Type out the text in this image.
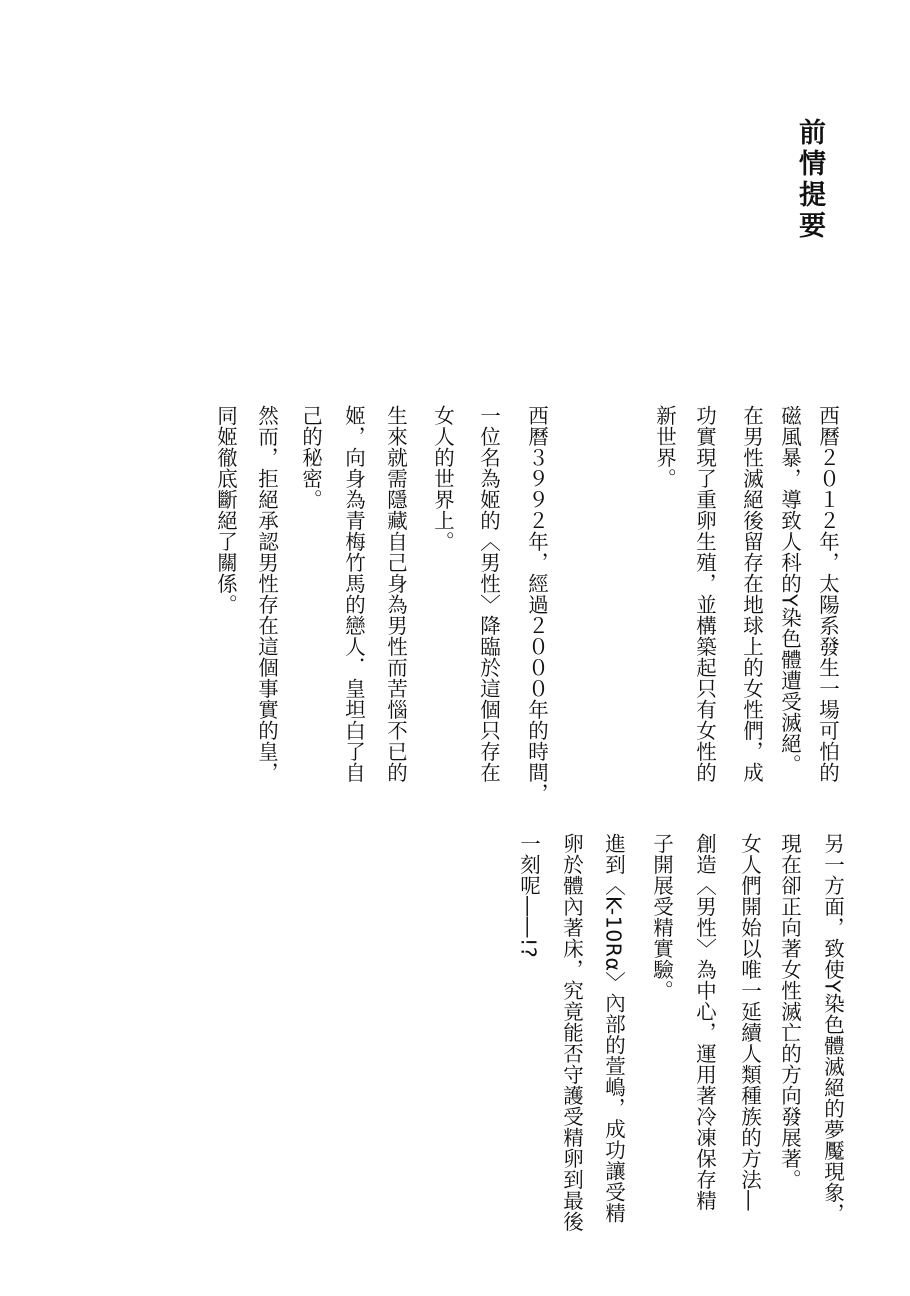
前情提要
西曆２０１２年，太陽系發生一場可怕的
磁風暴，導致人科的Y染色體遭受滅絕。
在男性滅絕後留存在地球上的女性們，成
功實現了重卵生殖，並構築起只有女性的
新世界。
西曆３９９２年，經過２０００年的時間，
一位名為姬的〈男性〉降臨於這個只存在
女人的世界上。
生來就需隱藏自己身為男性而苦惱不已的
姬，向身為青梅竹馬的戀人．皇坦白了自
己的秘密。
然而，拒絕承認男性存在這個事實的皇，
同姬徹底斷絕了關係。
另一方面，致使Y染色體滅絕的夢魘現象，
現在卻正向著女性滅亡的方向發展著。
女人們開始以唯一延續人類種族的方法―
創造〈男性〉為中心，運用著冷凍保存精
子開展受精實驗。
進到〈K-10Rα〉內部的萱嶋，成功讓受精
卵於體內著床，究竟能否守護受精卵到最後
一刻呢――!?
